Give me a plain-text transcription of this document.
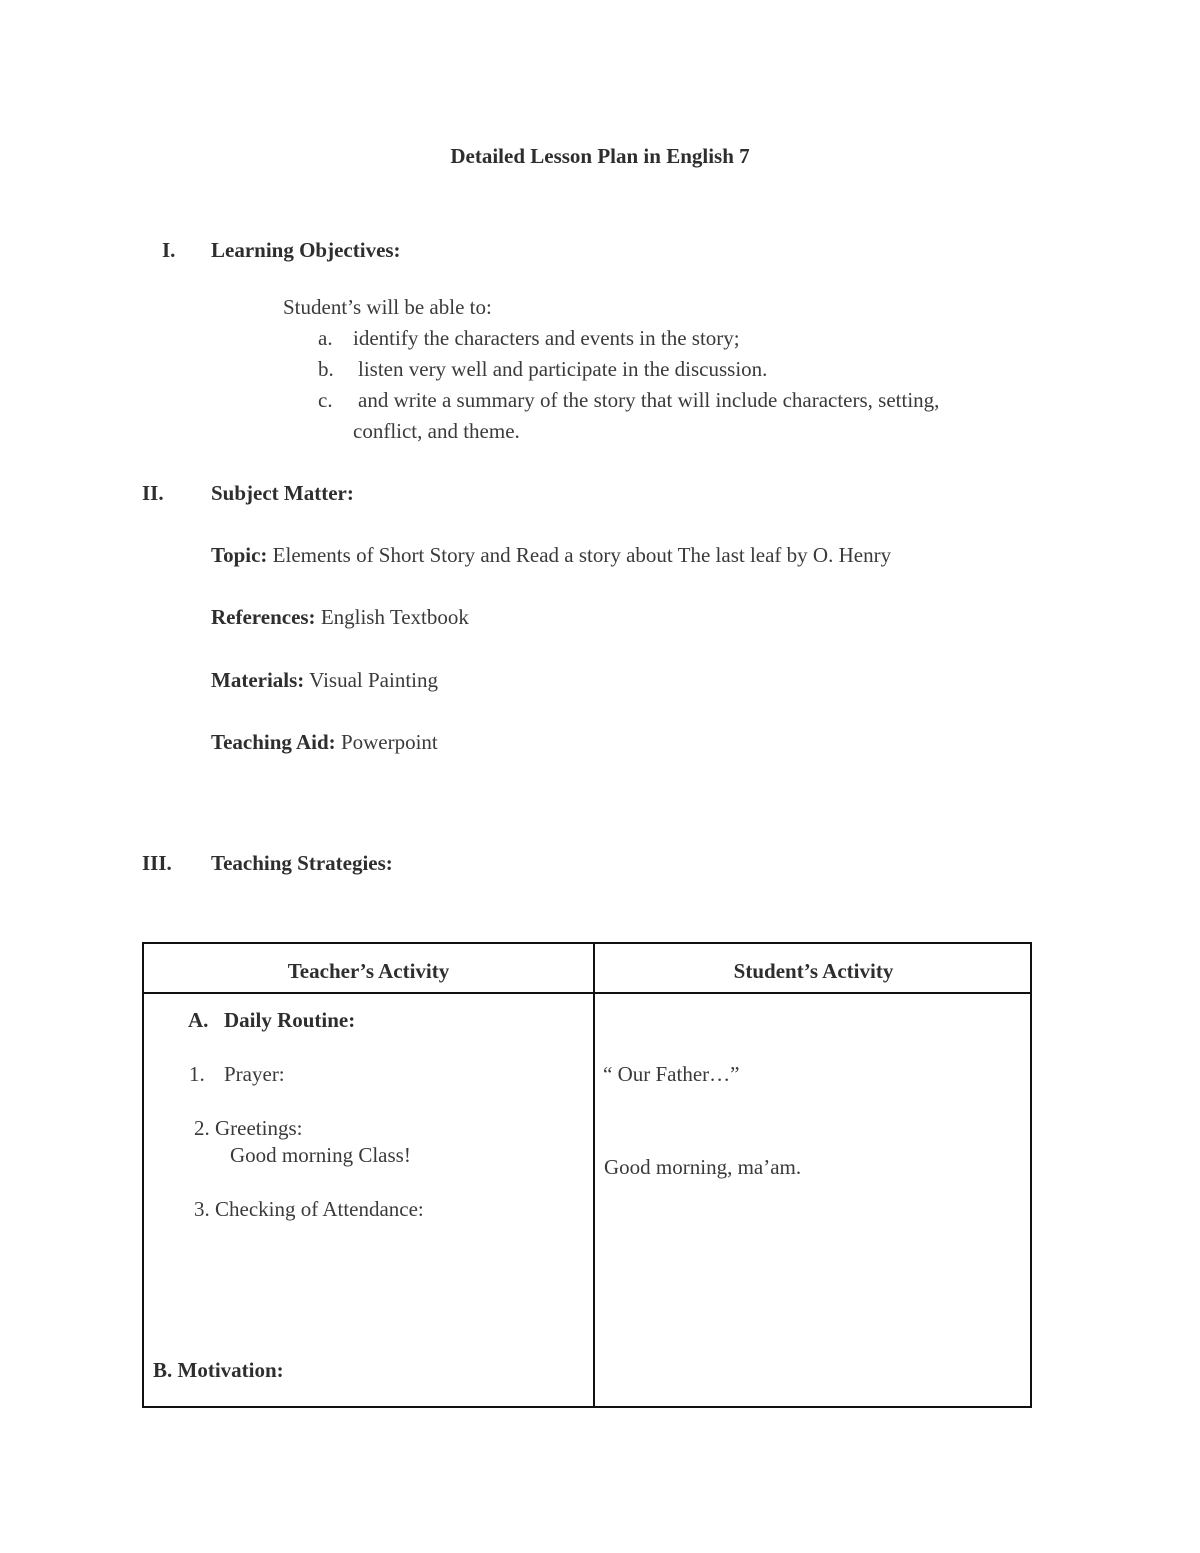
Detailed Lesson Plan in English 7
I. Learning Objectives:
Student’s will be able to:
a. identify the characters and events in the story;
b. listen very well and participate in the discussion.
c. and write a summary of the story that will include characters, setting,
conflict, and theme.
II. Subject Matter:
Topic: Elements of Short Story and Read a story about The last leaf by O. Henry
References: English Textbook
Materials: Visual Painting
Teaching Aid: Powerpoint
III. Teaching Strategies:
Teacher’s Activity	Student’s Activity
A. Daily Routine:
1. Prayer:
2. Greetings:
Good morning Class!
3. Checking of Attendance:
B. Motivation:
“ Our Father…”
Good morning, ma’am.
